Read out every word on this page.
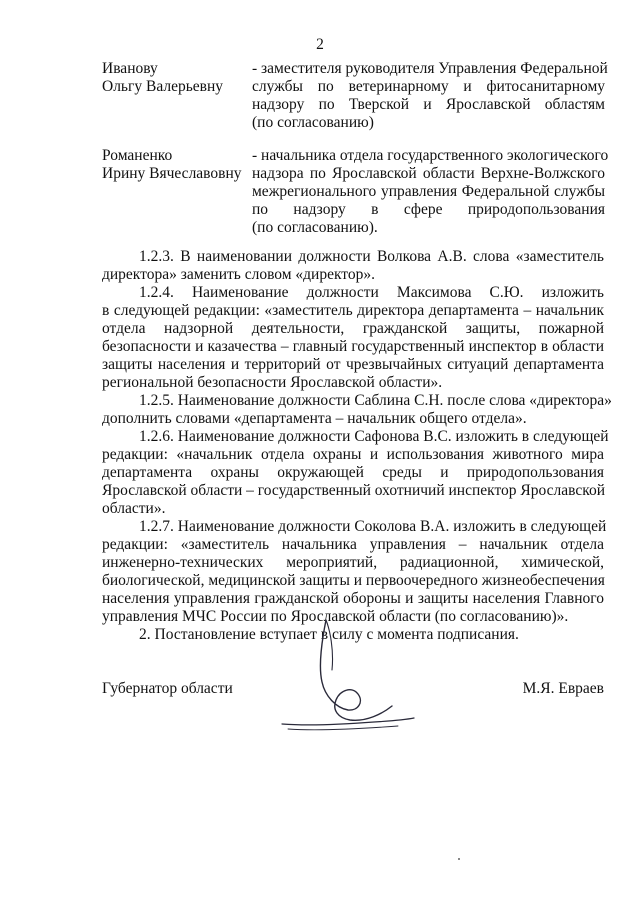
2
Иванову
Ольгу Валерьевну
- заместителя руководителя Управления Федеральной
службы по ветеринарному и фитосанитарному
надзору по Тверской и Ярославской областям
(по согласованию)
Романенко
Ирину Вячеславовну
- начальника отдела государственного экологического
надзора по Ярославской области Верхне-Волжского
межрегионального управления Федеральной службы
по надзору в сфере природопользования
(по согласованию).
1.2.3. В наименовании должности Волкова А.В. слова «заместитель
директора» заменить словом «директор».
1.2.4. Наименование должности Максимова С.Ю. изложить
в следующей редакции: «заместитель директора департамента – начальник
отдела надзорной деятельности, гражданской защиты, пожарной
безопасности и казачества – главный государственный инспектор в области
защиты населения и территорий от чрезвычайных ситуаций департамента
региональной безопасности Ярославской области».
1.2.5. Наименование должности Саблина С.Н. после слова «директора»
дополнить словами «департамента – начальник общего отдела».
1.2.6. Наименование должности Сафонова В.С. изложить в следующей
редакции: «начальник отдела охраны и использования животного мира
департамента охраны окружающей среды и природопользования
Ярославской области – государственный охотничий инспектор Ярославской
области».
1.2.7. Наименование должности Соколова В.А. изложить в следующей
редакции: «заместитель начальника управления – начальник отдела
инженерно-технических мероприятий, радиационной, химической,
биологической, медицинской защиты и первоочередного жизнеобеспечения
населения управления гражданской обороны и защиты населения Главного
управления МЧС России по Ярославской области (по согласованию)».
2. Постановление вступает в силу с момента подписания.
Губернатор области	М.Я. Евраев
